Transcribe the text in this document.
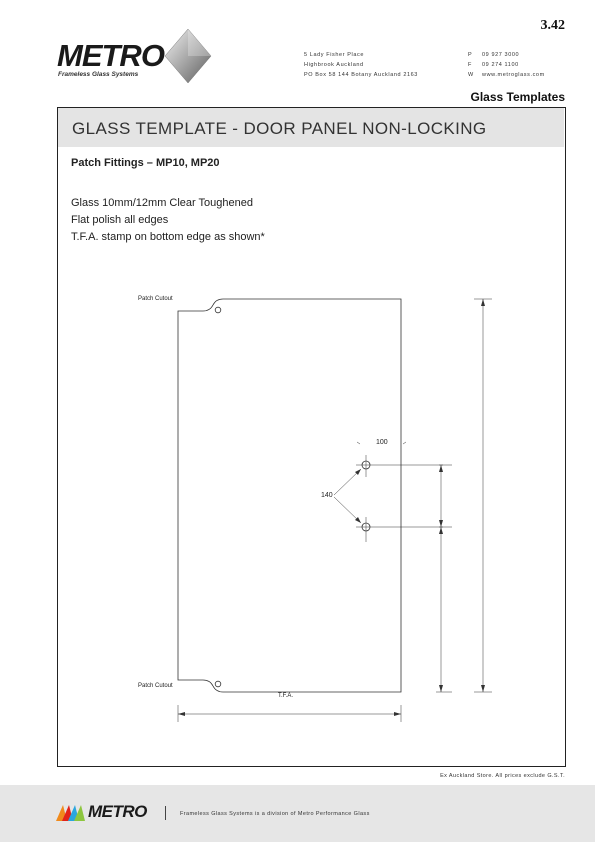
3.42
METRO
Frameless Glass Systems
5 Lady Fisher Place
Highbrook Auckland
PO Box 58 144 Botany Auckland 2163
P
F
W
09 927 3000
09 274 1100
www.metroglass.com
Glass Templates
GLASS TEMPLATE - DOOR PANEL NON-LOCKING
Patch Fittings – MP10, MP20
Glass 10mm/12mm Clear Toughened
Flat polish all edges
T.F.A. stamp on bottom edge as shown*
Patch Cutout
Patch Cutout
100
140
T.F.A.
Ex Auckland Store. All prices exclude G.S.T.
METRO	Frameless Glass Systems is a division of Metro Performance Glass
